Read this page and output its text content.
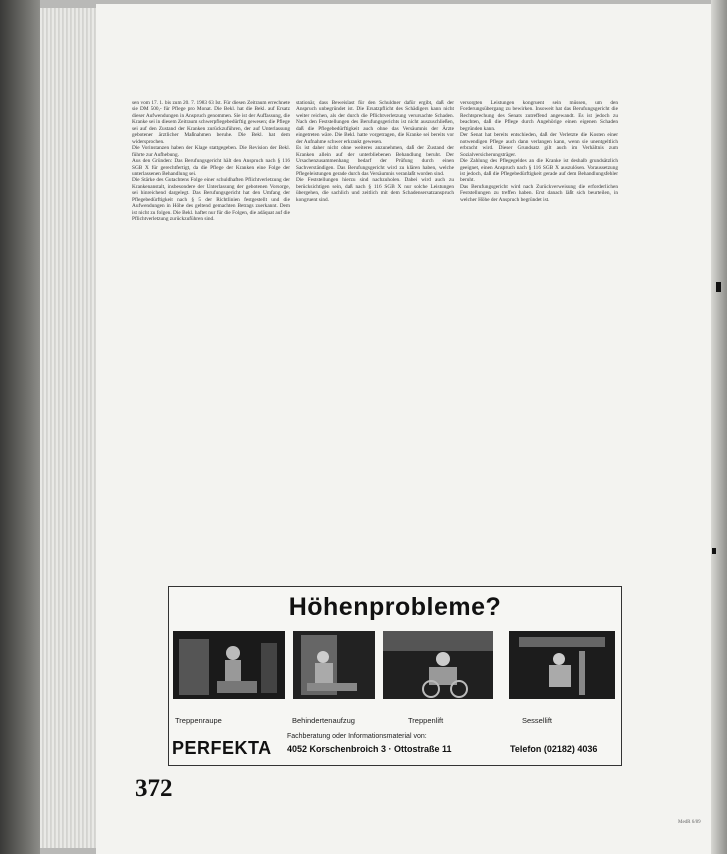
sen vom 17. 1. bis zum 20. 7. 1983 63 Ist. Für diesen Zeitraum errechnete sie DM 500,- für Pflege pro Monat. Die Bekl. hat die Bekl. auf Ersatz dieser Aufwendungen in Anspruch genommen. Sie ist der Auffassung, die Kranke sei in diesem Zeitraum schwerpflegebedürftig gewesen; die Pflege sei auf den Zustand der Kranken zurückzuführen, der auf Unterlassung gebotener ärztlicher Maßnahmen beruhe. Die Bekl. hat dem widersprochen.
Die Vorinstanzen haben der Klage stattgegeben. Die Revision der Bekl. führte zur Aufhebung.
Aus den Gründen: Das Berufungsgericht hält den Anspruch nach § 116 SGB X für gerechtfertigt, da die Pflege der Kranken eine Folge der unterlassenen Behandlung sei.
Die Stärke des Gutachtens Folge einer schuldhaften Pflichtverletzung der Krankenanstalt, insbesondere der Unterlassung der gebotenen Vorsorge, sei hinreichend dargelegt. Das Berufungsgericht hat den Umfang der Pflegebedürftigkeit nach § 5 der Richtlinien festgestellt und die Aufwendungen in Höhe des geltend gemachten Betrags zuerkannt. Dem ist nicht zu folgen. Die Bekl. haftet nur für die Folgen, die adäquat auf die Pflichtverletzung zurückzuführen sind.

stationär, dass Beweislast für den Schuldner dafür ergibt, daß der Anspruch unbegründet ist. Die Ersatzpflicht des Schädigers kann nicht weiter reichen, als der durch die Pflichtverletzung verursachte Schaden. Nach den Feststellungen des Berufungsgerichts ist nicht auszuschließen, daß die Pflegebedürftigkeit auch ohne das Versäumnis der Ärzte eingetreten wäre. Die Bekl. hatte vorgetragen, die Kranke sei bereits vor der Aufnahme schwer erkrankt gewesen.
Es ist daher nicht ohne weiteres anzunehmen, daß der Zustand der Kranken allein auf der unterbliebenen Behandlung beruht. Der Ursachenzusammenhang bedarf der Prüfung durch einen Sachverständigen. Das Berufungsgericht wird zu klären haben, welche Pflegeleistungen gerade durch das Versäumnis veranlaßt worden sind.
Die Feststellungen hierzu sind nachzuholen. Dabei wird auch zu berücksichtigen sein, daß nach § 116 SGB X nur solche Leistungen übergehen, die sachlich und zeitlich mit dem Schadensersatzanspruch kongruent sind.

versorgten Leistungen kongruent sein müssen, um den Forderungsübergang zu bewirken. Insoweit hat das Berufungsgericht die Rechtsprechung des Senats zutreffend angewandt. Es ist jedoch zu beachten, daß die Pflege durch Angehörige einen eigenen Schaden begründen kann.
Der Senat hat bereits entschieden, daß der Verletzte die Kosten einer notwendigen Pflege auch dann verlangen kann, wenn sie unentgeltlich erbracht wird. Dieser Grundsatz gilt auch im Verhältnis zum Sozialversicherungsträger.
Die Zahlung des Pflegegeldes an die Kranke ist deshalb grundsätzlich geeignet, einen Anspruch nach § 116 SGB X auszulösen. Voraussetzung ist jedoch, daß die Pflegebedürftigkeit gerade auf dem Behandlungsfehler beruht.
Das Berufungsgericht wird nach Zurückverweisung die erforderlichen Feststellungen zu treffen haben. Erst danach läßt sich beurteilen, in welcher Höhe der Anspruch begründet ist.

Höhenprobleme?
Treppenraupe	Behindertenaufzug	Treppenlift	Sessellift
PERFEKTA
Fachberatung oder Informationsmaterial von:
4052 Korschenbroich 3 · Ottostraße 11	Telefon (02182) 4036
372
MedR 6/89
